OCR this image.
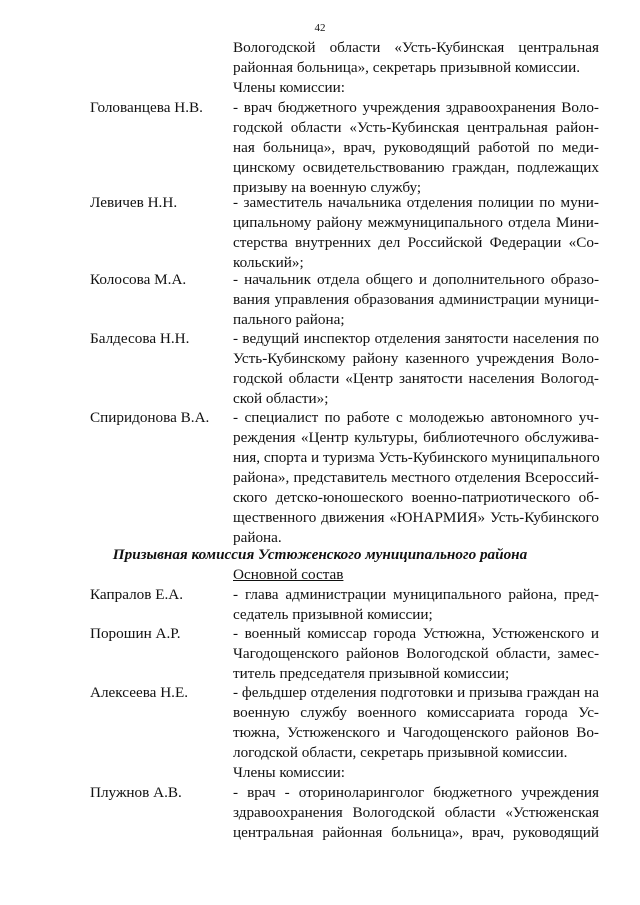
42
Вологодской области «Усть-Кубинская центральная
районная больница», секретарь призывной комиссии.
Члены комиссии:
Голованцева Н.В. - врач бюджетного учреждения здравоохранения Воло-
годской области «Усть-Кубинская центральная район-
ная больница», врач, руководящий работой по меди-
цинскому освидетельствованию граждан, подлежащих
призыву на военную службу;
Левичев Н.Н.	- заместитель начальника отделения полиции по муни-
ципальному району межмуниципального отдела Мини-
стерства внутренних дел Российской Федерации «Со-
кольский»;
Колосова М.А.	- начальник отдела общего и дополнительного образо-
вания управления образования администрации муници-
пального района;
Балдесова Н.Н.	- ведущий инспектор отделения занятости населения по
Усть-Кубинскому району казенного учреждения Воло-
годской области «Центр занятости населения Вологод-
ской области»;
Спиридонова В.А. - специалист по работе с молодежью автономного уч-
реждения «Центр культуры, библиотечного обслужива-
ния, спорта и туризма Усть-Кубинского муниципального
района», представитель местного отделения Всероссий-
ского детско-юношеского военно-патриотического об-
щественного движения «ЮНАРМИЯ» Усть-Кубинского
района.
Призывная комиссия Устюженского муниципального района
Основной состав
Капралов Е.А.	- глава администрации муниципального района, пред-
седатель призывной комиссии;
Порошин А.Р.	- военный комиссар города Устюжна, Устюженского и
Чагодощенского районов Вологодской области, замес-
титель председателя призывной комиссии;
Алексеева Н.Е.	- фельдшер отделения подготовки и призыва граждан на
военную службу военного комиссариата города Ус-
тюжна, Устюженского и Чагодощенского районов Во-
логодской области, секретарь призывной комиссии.
Члены комиссии:
Плужнов А.В.	- врач - оториноларинголог бюджетного учреждения
здравоохранения Вологодской области «Устюженская
центральная районная больница», врач, руководящий
